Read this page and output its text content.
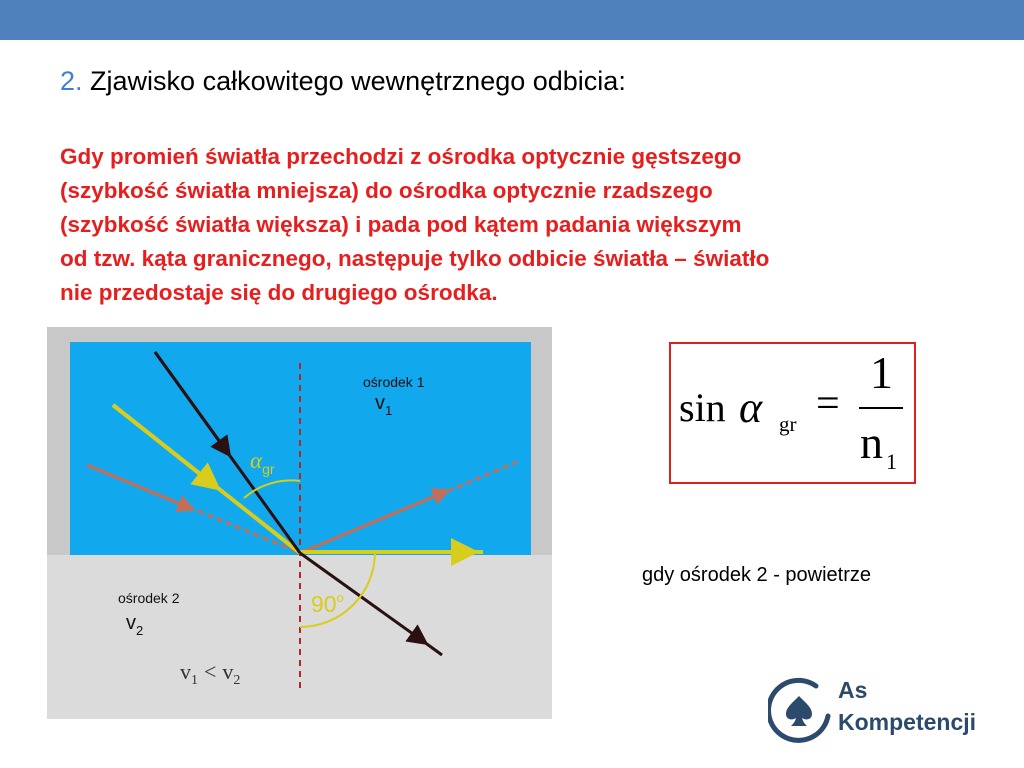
2. Zjawisko całkowitego wewnętrznego odbicia:
Gdy promień światła przechodzi z ośrodka optycznie gęstszego
(szybkość światła mniejsza) do ośrodka optycznie rzadszego
(szybkość światła większa) i pada pod kątem padania większym
od tzw. kąta granicznego, następuje tylko odbicie światła – światło
nie przedostaje się do drugiego ośrodka.
ośrodek 1
$v_1$
$\alpha_{gr}$
90$^o$
ośrodek 2
$v_2$
$v_1 < v_2$
sin α gr =
1
n 1
gdy ośrodek 2 - powietrze
As
Kompetencji
